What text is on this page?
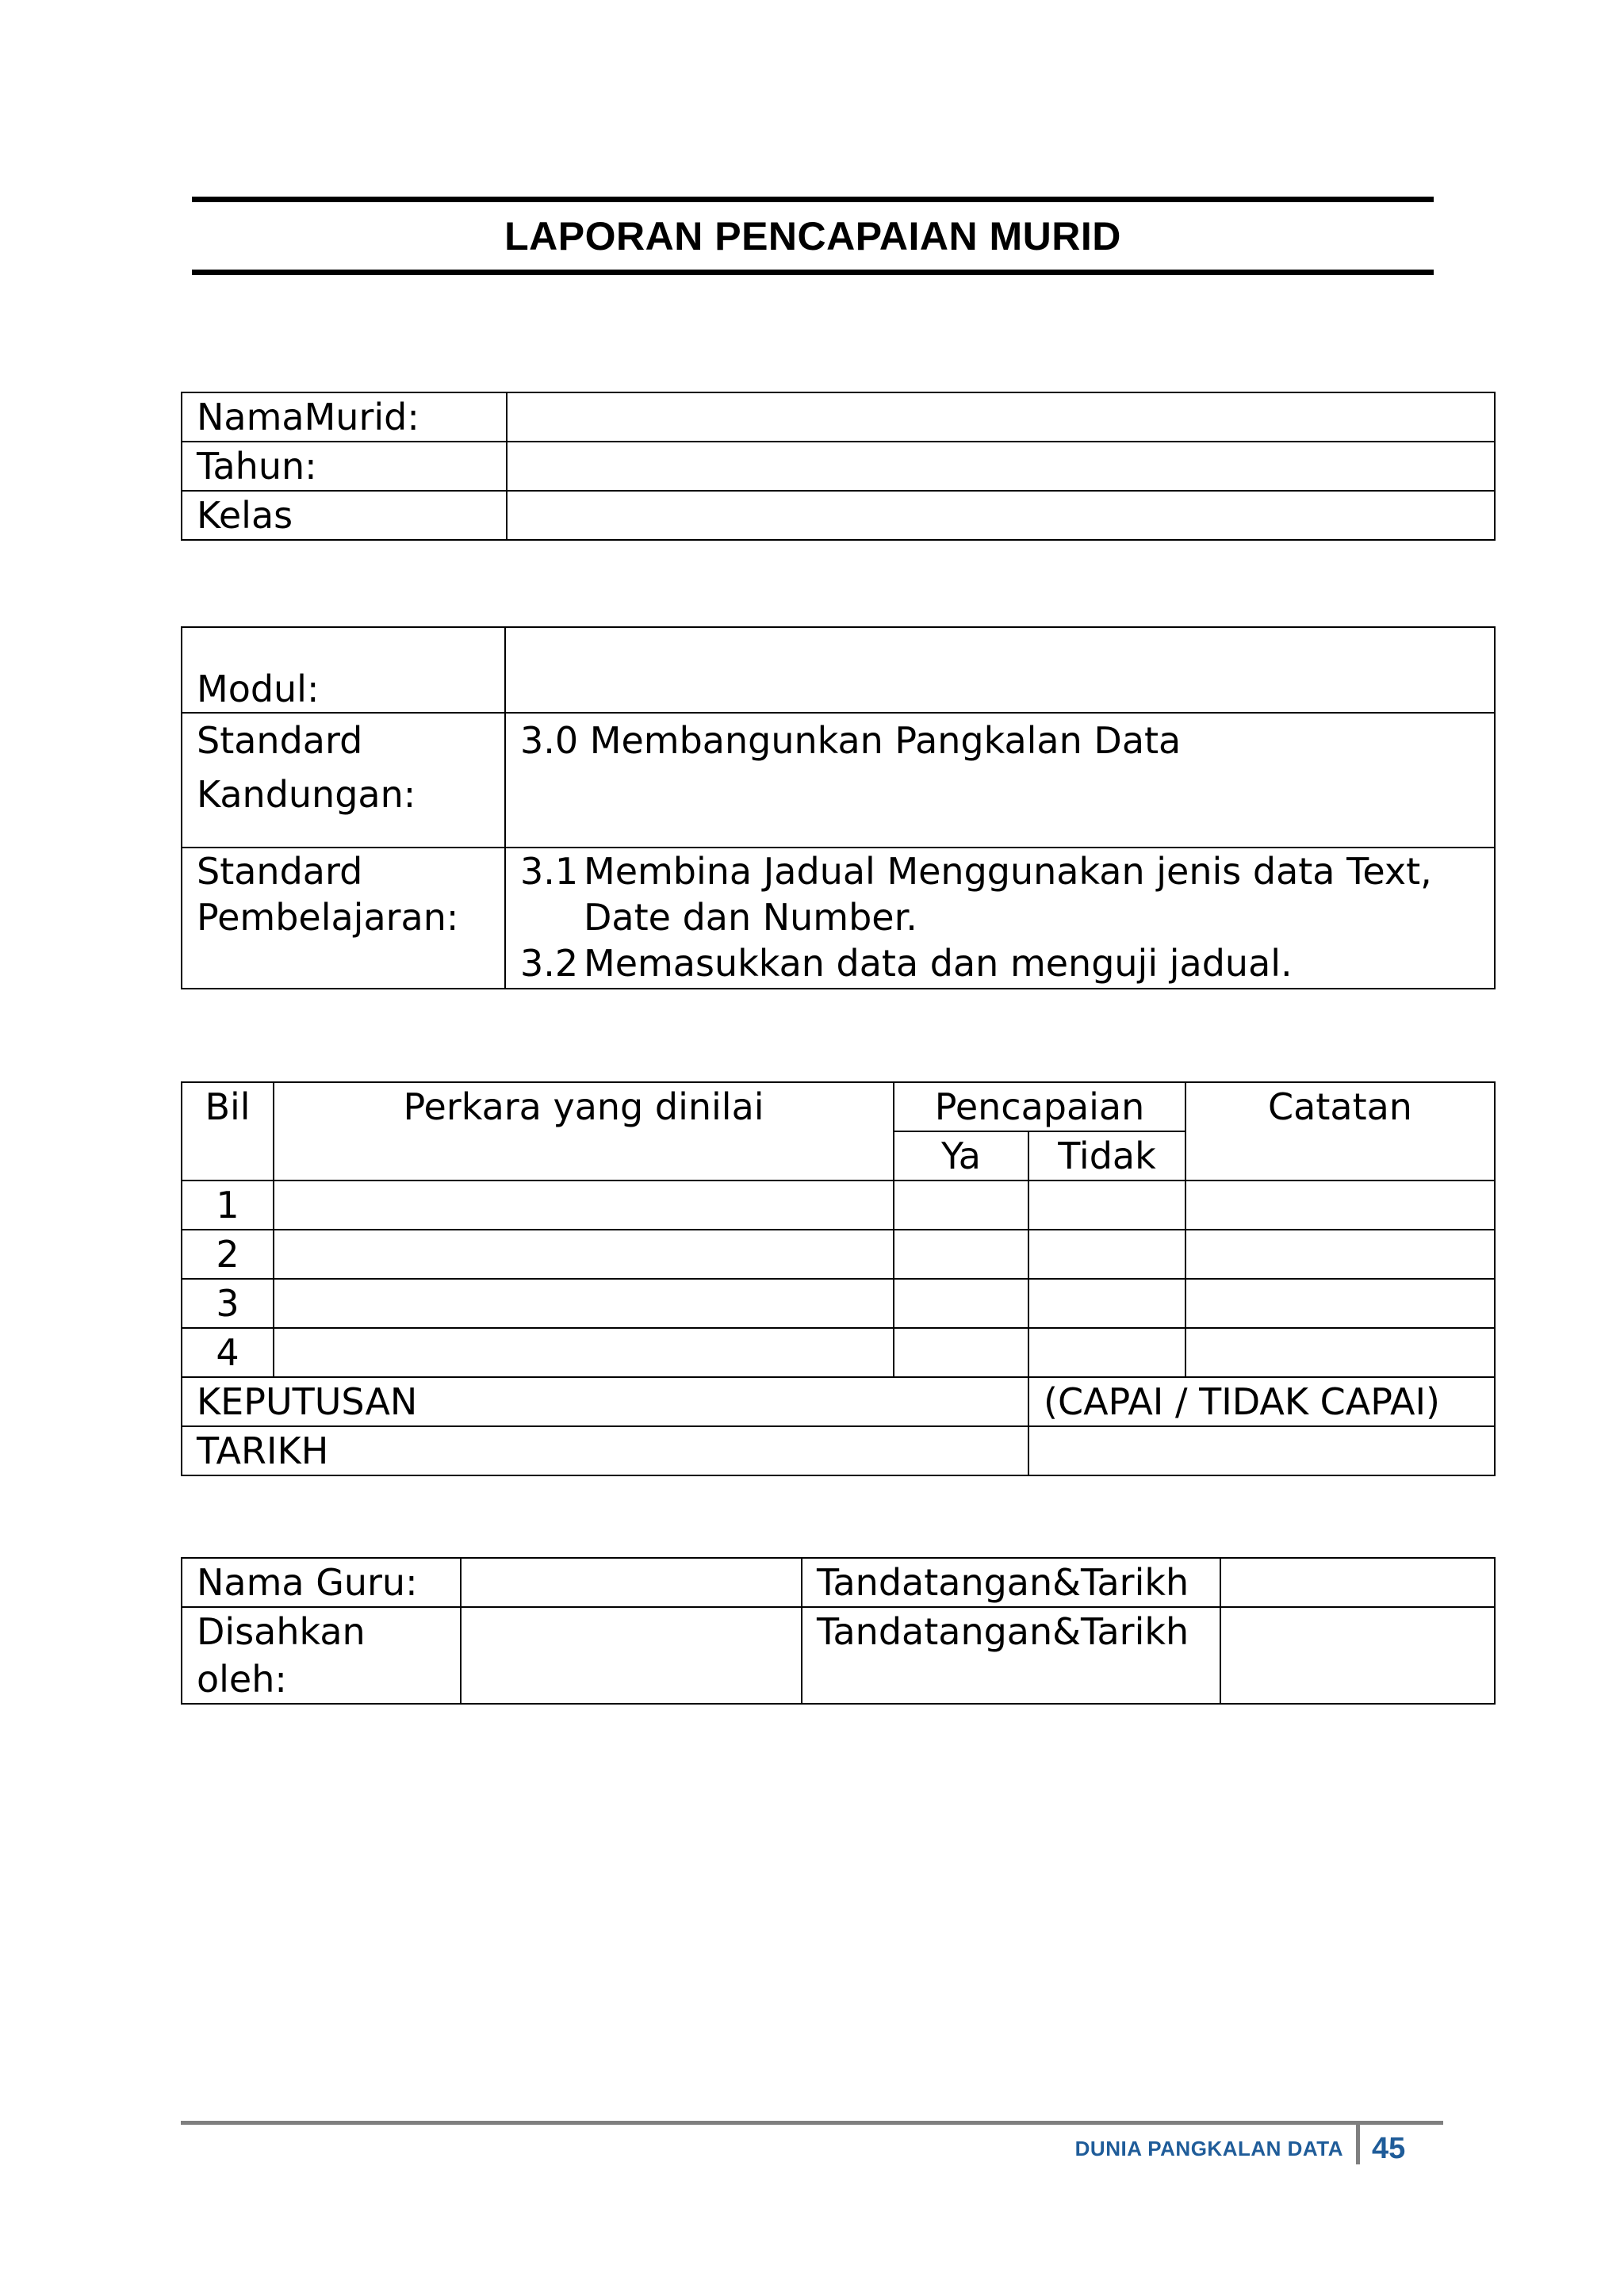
LAPORAN PENCAPAIAN MURID
NamaMurid:	
Tahun:	
Kelas	
Modul:	
Standard Kandungan:	3.0 Membangunkan Pangkalan Data
Standard Pembelajaran:	3.1 Membina Jadual Menggunakan jenis data Text, Date dan Number.
3.2 Memasukkan data dan menguji jadual.
Bil	Perkara yang dinilai	Pencapaian		Catatan
		Ya	Tidak	
1				
2				
3				
4				
KEPUTUSAN			(CAPAI / TIDAK CAPAI)	
TARIKH				
Nama Guru:		Tandatangan&Tarikh	
Disahkan oleh:		Tandatangan&Tarikh	
DUNIA PANGKALAN DATA 45
